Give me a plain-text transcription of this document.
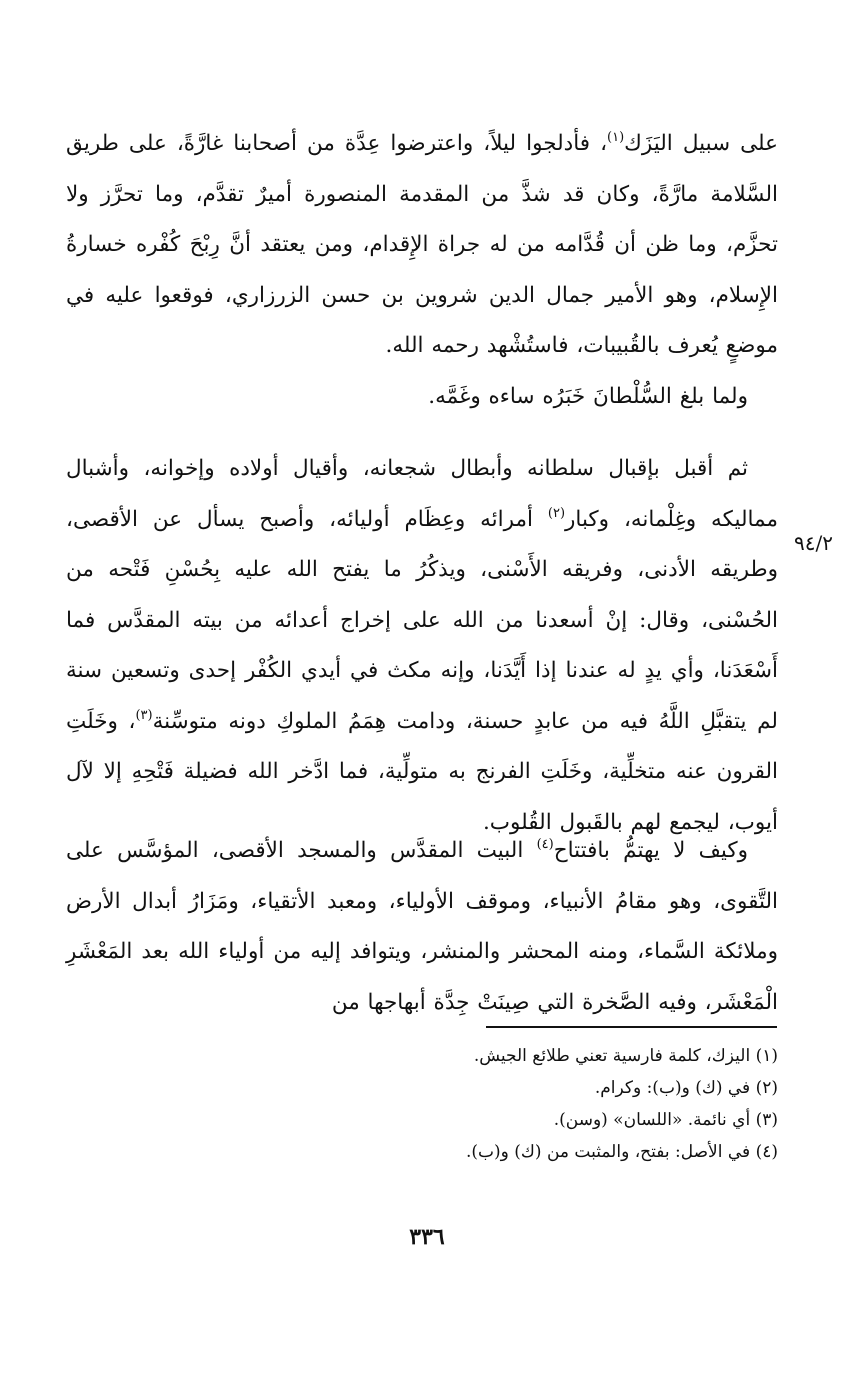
على سبيل اليَزَك$^{(١)}$، فأدلجوا ليلاً، واعترضوا عِدَّة من أصحابنا غارَّةً، على طريق السَّلامة مارَّةً، وكان قد شذَّ من المقدمة المنصورة أميرٌ تقدَّم، وما تحرَّز ولا تحزَّم، وما ظن أن قُدَّامه من له جراة الإِقدام، ومن يعتقد أنَّ رِبْحَ كُفْره خسارةُ الإِسلام، وهو الأمير جمال الدين شروين بن حسن الزرزاري، فوقعوا عليه في موضعٍ يُعرف بالقُبيبات، فاستُشْهد رحمه الله.
ولما بلغ السُّلْطانَ خَبَرُه ساءه وغَمَّه.
ثم أقبل بإقبال سلطانه وأبطال شجعانه، وأقيال أولاده وإخوانه، وأشبال مماليكه وغِلْمانه، وكبار$^{(٢)}$ أمرائه وعِظَام أوليائه، وأصبح يسأل عن الأقصى، وطريقه الأدنى، وفريقه الأَسْنى، ويذكُرُ ما يفتح الله عليه بِحُسْنِ فَتْحه من الحُسْنى، وقال: إنْ أسعدنا من الله على إخراج أعدائه من بيته المقدَّس فما أَسْعَدَنا، وأي يدٍ له عندنا إذا أَيَّدَنا، وإنه مكث في أيدي الكُفْر إحدى وتسعين سنة لم يتقبَّلِ اللَّهُ فيه من عابدٍ حسنة، ودامت هِمَمُ الملوكِ دونه متوسِّنة$^{(٣)}$، وخَلَتِ القرون عنه متخلِّية، وخَلَتِ الفرنج به متولِّية، فما ادَّخر الله فضيلة فَتْحِهِ إلا لآل أيوب، ليجمع لهم بالقَبول القُلوب.
وكيف لا يهتمُّ بافتتاح$^{(٤)}$ البيت المقدَّس والمسجد الأقصى، المؤسَّس على التَّقوى، وهو مقامُ الأنبياء، وموقف الأولياء، ومعبد الأتقياء، ومَزَارُ أبدال الأرض وملائكة السَّماء، ومنه المحشر والمنشر، ويتوافد إليه من أولياء الله بعد المَعْشَرِ الْمَعْشَر، وفيه الصَّخرة التي صِينَتْ جِدَّة أبهاجها من
٩٤/٢
(١) اليزك، كلمة فارسية تعني طلائع الجيش.
(٢) في (ك) و(ب): وكرام.
(٣) أي نائمة. «اللسان» (وسن).
(٤) في الأصل: بفتح، والمثبت من (ك) و(ب).
٣٣٦
